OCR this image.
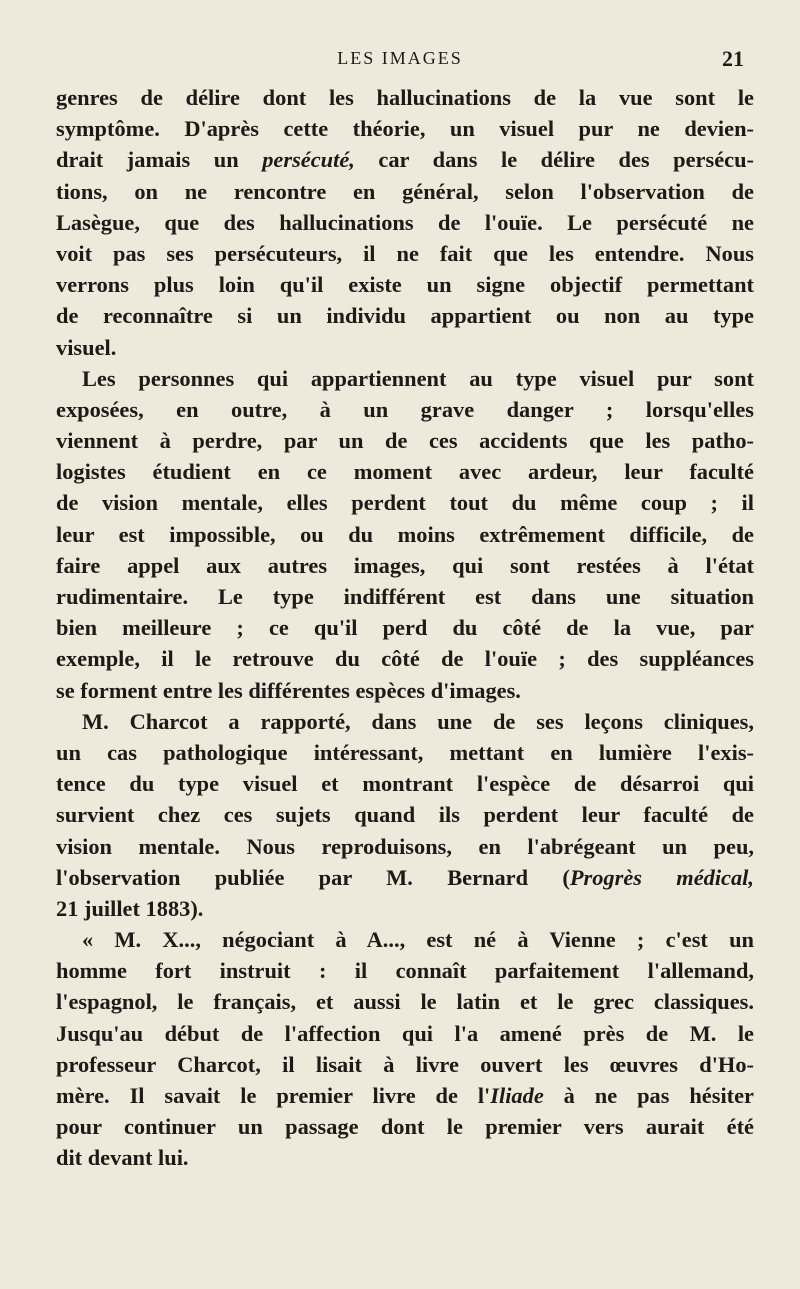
LES IMAGES	21
genres de délire dont les hallucinations de la vue sont le
symptôme. D'après cette théorie, un visuel pur ne devien-
drait jamais un persécuté, car dans le délire des persécu-
tions, on ne rencontre en général, selon l'observation de
Lasègue, que des hallucinations de l'ouïe. Le persécuté ne
voit pas ses persécuteurs, il ne fait que les entendre. Nous
verrons plus loin qu'il existe un signe objectif permettant
de reconnaître si un individu appartient ou non au type
visuel.
Les personnes qui appartiennent au type visuel pur sont
exposées, en outre, à un grave danger ; lorsqu'elles
viennent à perdre, par un de ces accidents que les patho-
logistes étudient en ce moment avec ardeur, leur faculté
de vision mentale, elles perdent tout du même coup ; il
leur est impossible, ou du moins extrêmement difficile, de
faire appel aux autres images, qui sont restées à l'état
rudimentaire. Le type indifférent est dans une situation
bien meilleure ; ce qu'il perd du côté de la vue, par
exemple, il le retrouve du côté de l'ouïe ; des suppléances
se forment entre les différentes espèces d'images.
M. Charcot a rapporté, dans une de ses leçons cliniques,
un cas pathologique intéressant, mettant en lumière l'exis-
tence du type visuel et montrant l'espèce de désarroi qui
survient chez ces sujets quand ils perdent leur faculté de
vision mentale. Nous reproduisons, en l'abrégeant un peu,
l'observation publiée par M. Bernard (Progrès médical,
21 juillet 1883).
« M. X..., négociant à A..., est né à Vienne ; c'est un
homme fort instruit : il connaît parfaitement l'allemand,
l'espagnol, le français, et aussi le latin et le grec classiques.
Jusqu'au début de l'affection qui l'a amené près de M. le
professeur Charcot, il lisait à livre ouvert les œuvres d'Ho-
mère. Il savait le premier livre de l'Iliade à ne pas hésiter
pour continuer un passage dont le premier vers aurait été
dit devant lui.
